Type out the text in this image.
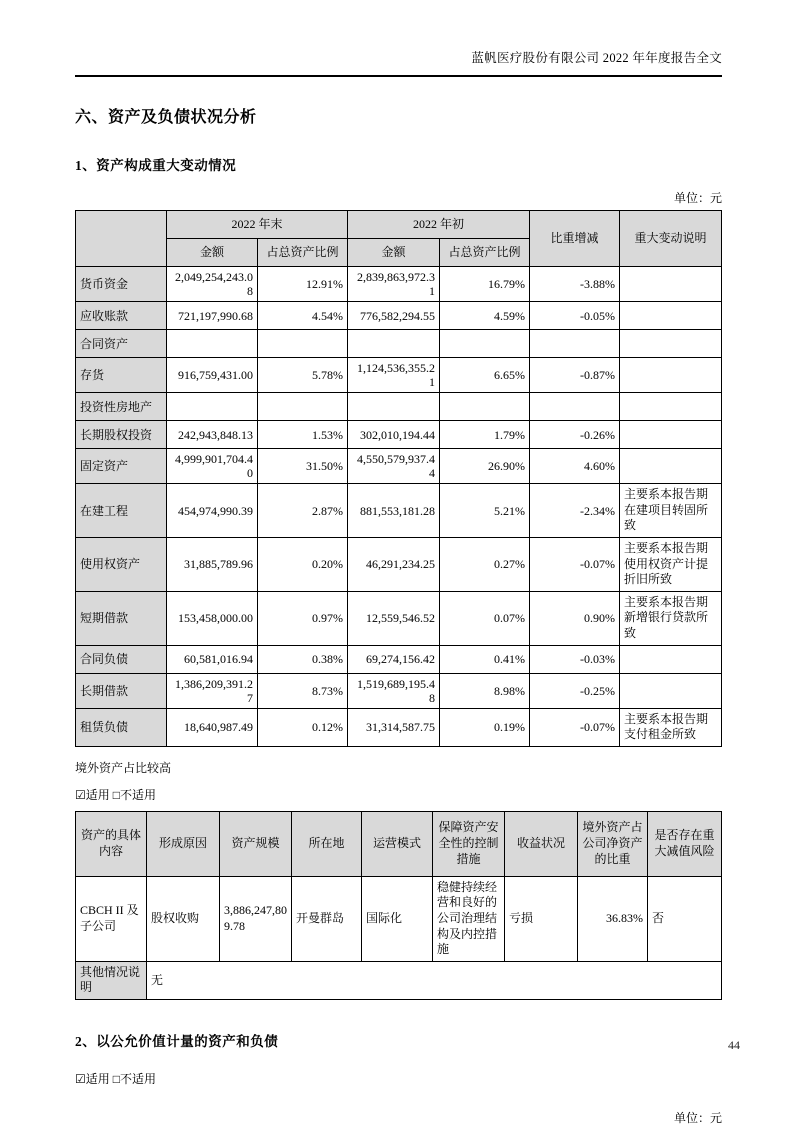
蓝帆医疗股份有限公司 2022 年年度报告全文
六、资产及负债状况分析
1、资产构成重大变动情况
单位：元
	2022 年末		2022 年初		比重增减	重大变动说明
	金额	占总资产比例	金额	占总资产比例		
货币资金	2,049,254,243.08	12.91%	2,839,863,972.31	16.79%	-3.88%	
应收账款	721,197,990.68	4.54%	776,582,294.55	4.59%	-0.05%	
合同资产						
存货	916,759,431.00	5.78%	1,124,536,355.21	6.65%	-0.87%	
投资性房地产						
长期股权投资	242,943,848.13	1.53%	302,010,194.44	1.79%	-0.26%	
固定资产	4,999,901,704.40	31.50%	4,550,579,937.44	26.90%	4.60%	
在建工程	454,974,990.39	2.87%	881,553,181.28	5.21%	-2.34%	主要系本报告期在建项目转固所致
使用权资产	31,885,789.96	0.20%	46,291,234.25	0.27%	-0.07%	主要系本报告期使用权资产计提折旧所致
短期借款	153,458,000.00	0.97%	12,559,546.52	0.07%	0.90%	主要系本报告期新增银行贷款所致
合同负债	60,581,016.94	0.38%	69,274,156.42	0.41%	-0.03%	
长期借款	1,386,209,391.27	8.73%	1,519,689,195.48	8.98%	-0.25%	
租赁负债	18,640,987.49	0.12%	31,314,587.75	0.19%	-0.07%	主要系本报告期支付租金所致
境外资产占比较高
☑适用 □不适用
资产的具体内容	形成原因	资产规模	所在地	运营模式	保障资产安全性的控制措施	收益状况	境外资产占公司净资产的比重	是否存在重大减值风险
CBCH II 及子公司	股权收购	3,886,247,809.78	开曼群岛	国际化	稳健持续经营和良好的公司治理结构及内控措施	亏损	36.83%	否
其他情况说明	无							
2、以公允价值计量的资产和负债
☑适用 □不适用
单位：元
44
